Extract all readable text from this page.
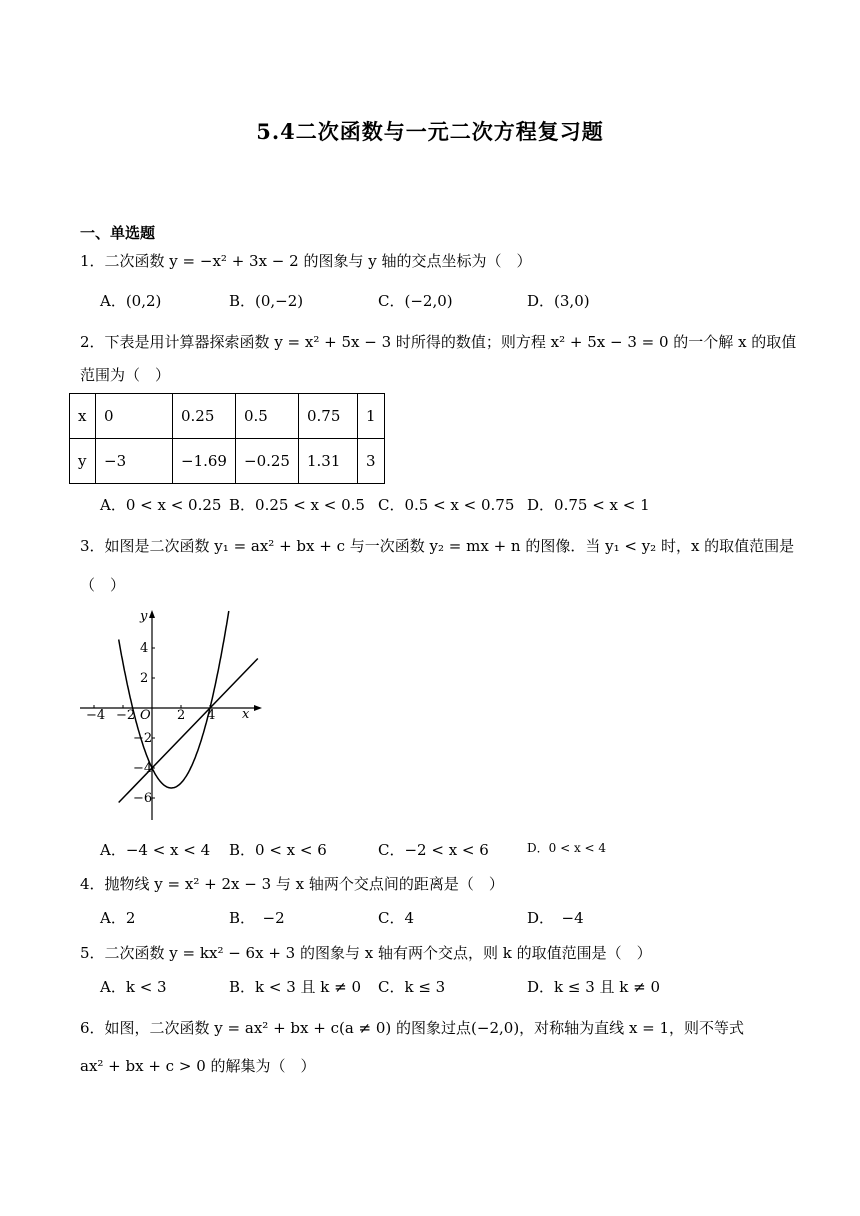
5.4二次函数与一元二次方程复习题
一、单选题
1．二次函数 y = −x² + 3x − 2 的图象与 y 轴的交点坐标为（　）
A．(0,2)	B．(0,−2)	C．(−2,0)	D．(3,0)
2．下表是用计算器探索函数 y = x² + 5x − 3 时所得的数值；则方程 x² + 5x − 3 = 0 的一个解 x 的取值
范围为（　）
x	0	0.25	0.5	0.75	1
y	−3	−1.69	−0.25	1.31	3
A．0 < x < 0.25 B．0.25 < x < 0.5 C．0.5 < x < 0.75 D．0.75 < x < 1
3．如图是二次函数 y₁ = ax² + bx + c 与一次函数 y₂ = mx + n 的图像．当 y₁ < y₂ 时，x 的取值范围是
（　）
−4 −2	2 4
4
2
−2
−4
−6
O	x
y
A．−4 < x < 4 B．0 < x < 6	C．−2 < x < 6	D．0 < x < 4
4．抛物线 y = x² + 2x − 3 与 x 轴两个交点间的距离是（　）
A．2	B．　−2	C．4	D．　−4
5．二次函数 y = kx² − 6x + 3 的图象与 x 轴有两个交点，则 k 的取值范围是（　）
A．k < 3	B．k < 3 且 k ≠ 0 C．k ≤ 3	D．k ≤ 3 且 k ≠ 0
6．如图，二次函数 y = ax² + bx + c(a ≠ 0) 的图象过点(−2,0)，对称轴为直线 x = 1，则不等式
ax² + bx + c > 0 的解集为（　）
